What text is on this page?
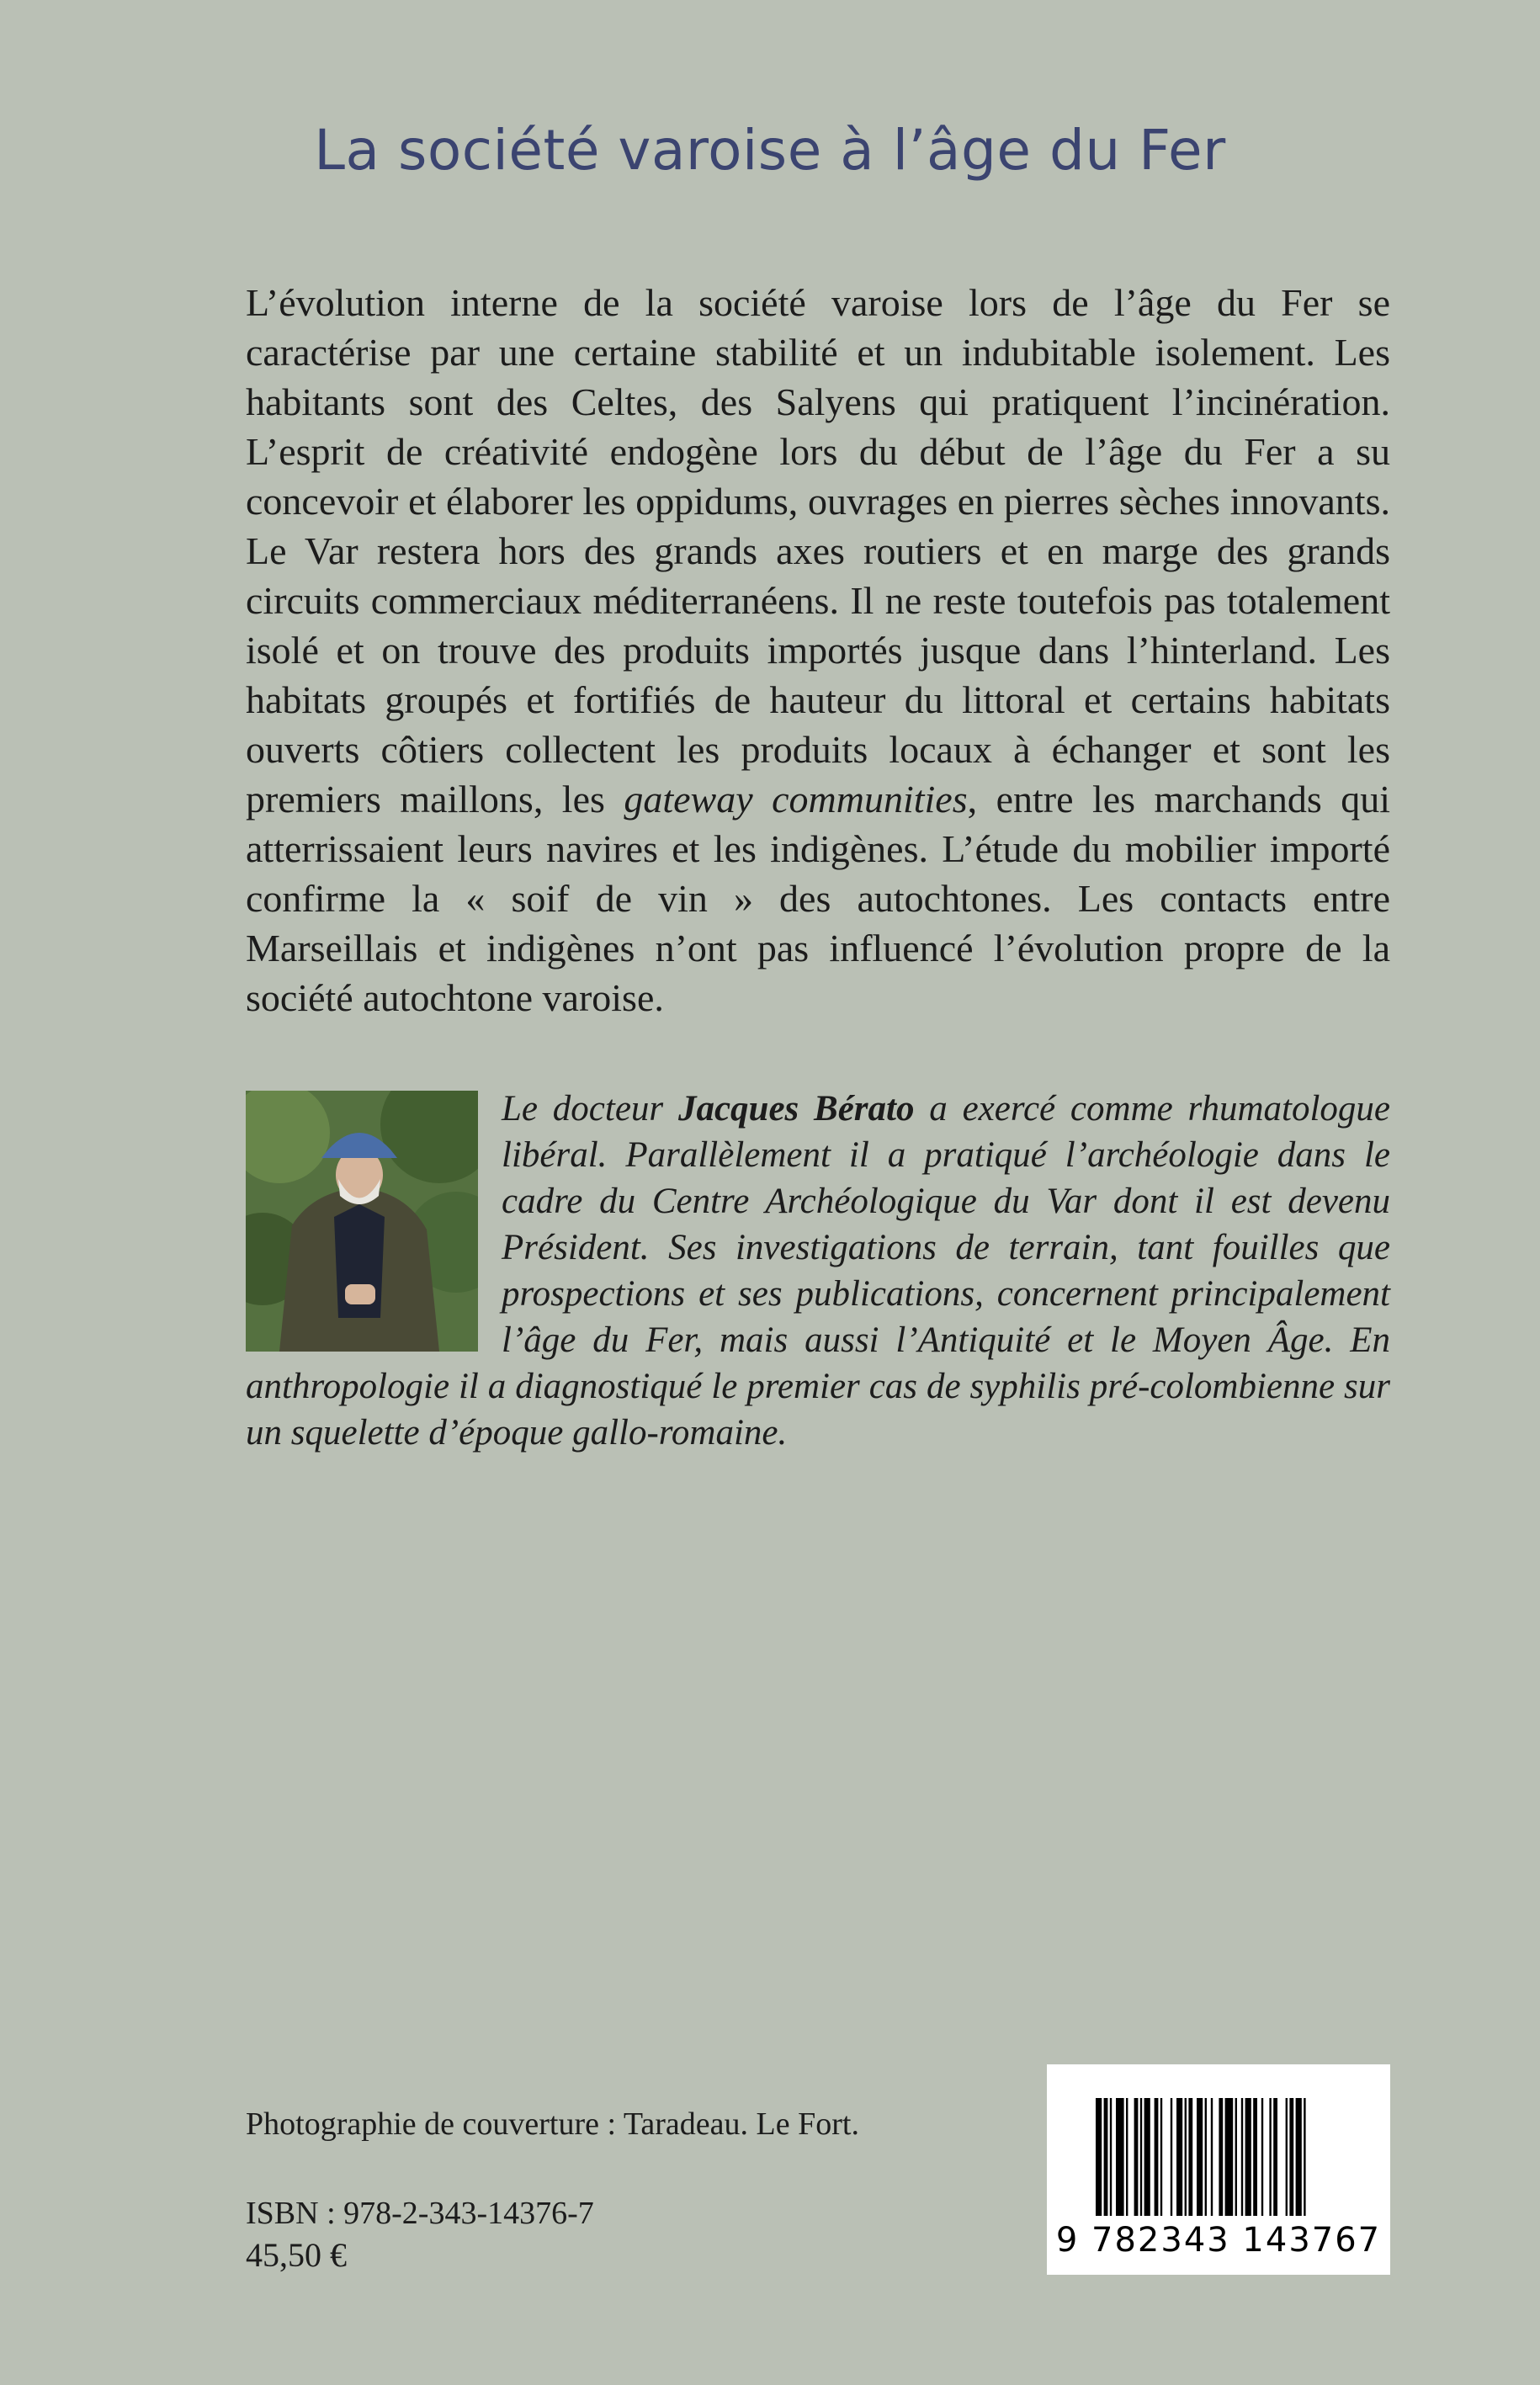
La société varoise à l’âge du Fer

L’évolution interne de la société varoise lors de l’âge du Fer se caractérise par une certaine stabilité et un indubitable isolement. Les habitants sont des Celtes, des Salyens qui pratiquent l’incinération. L’esprit de créativité endogène lors du début de l’âge du Fer a su concevoir et élaborer les oppidums, ouvrages en pierres sèches innovants. Le Var restera hors des grands axes routiers et en marge des grands circuits commerciaux méditerranéens. Il ne reste toutefois pas totalement isolé et on trouve des produits importés jusque dans l’hinterland. Les habitats groupés et fortifiés de hauteur du littoral et certains habitats ouverts côtiers collectent les produits locaux à échanger et sont les premiers maillons, les gateway communities, entre les marchands qui atterrissaient leurs navires et les indigènes. L’étude du mobilier importé confirme la « soif de vin » des autochtones. Les contacts entre Marseillais et indigènes n’ont pas influencé l’évolution propre de la société autochtone varoise.

Le docteur Jacques Bérato a exercé comme rhumatologue libéral. Parallèlement il a pratiqué l’archéologie dans le cadre du Centre Archéologique du Var dont il est devenu Président. Ses investigations de terrain, tant fouilles que prospections et ses publications, concernent principalement l’âge du Fer, mais aussi l’Antiquité et le Moyen Âge. En anthropologie il a diagnostiqué le premier cas de syphilis pré-colombienne sur un squelette d’époque gallo-romaine.

Photographie de couverture : Taradeau. Le Fort.

ISBN : 978-2-343-14376-7

45,50 €	9 782343 143767
